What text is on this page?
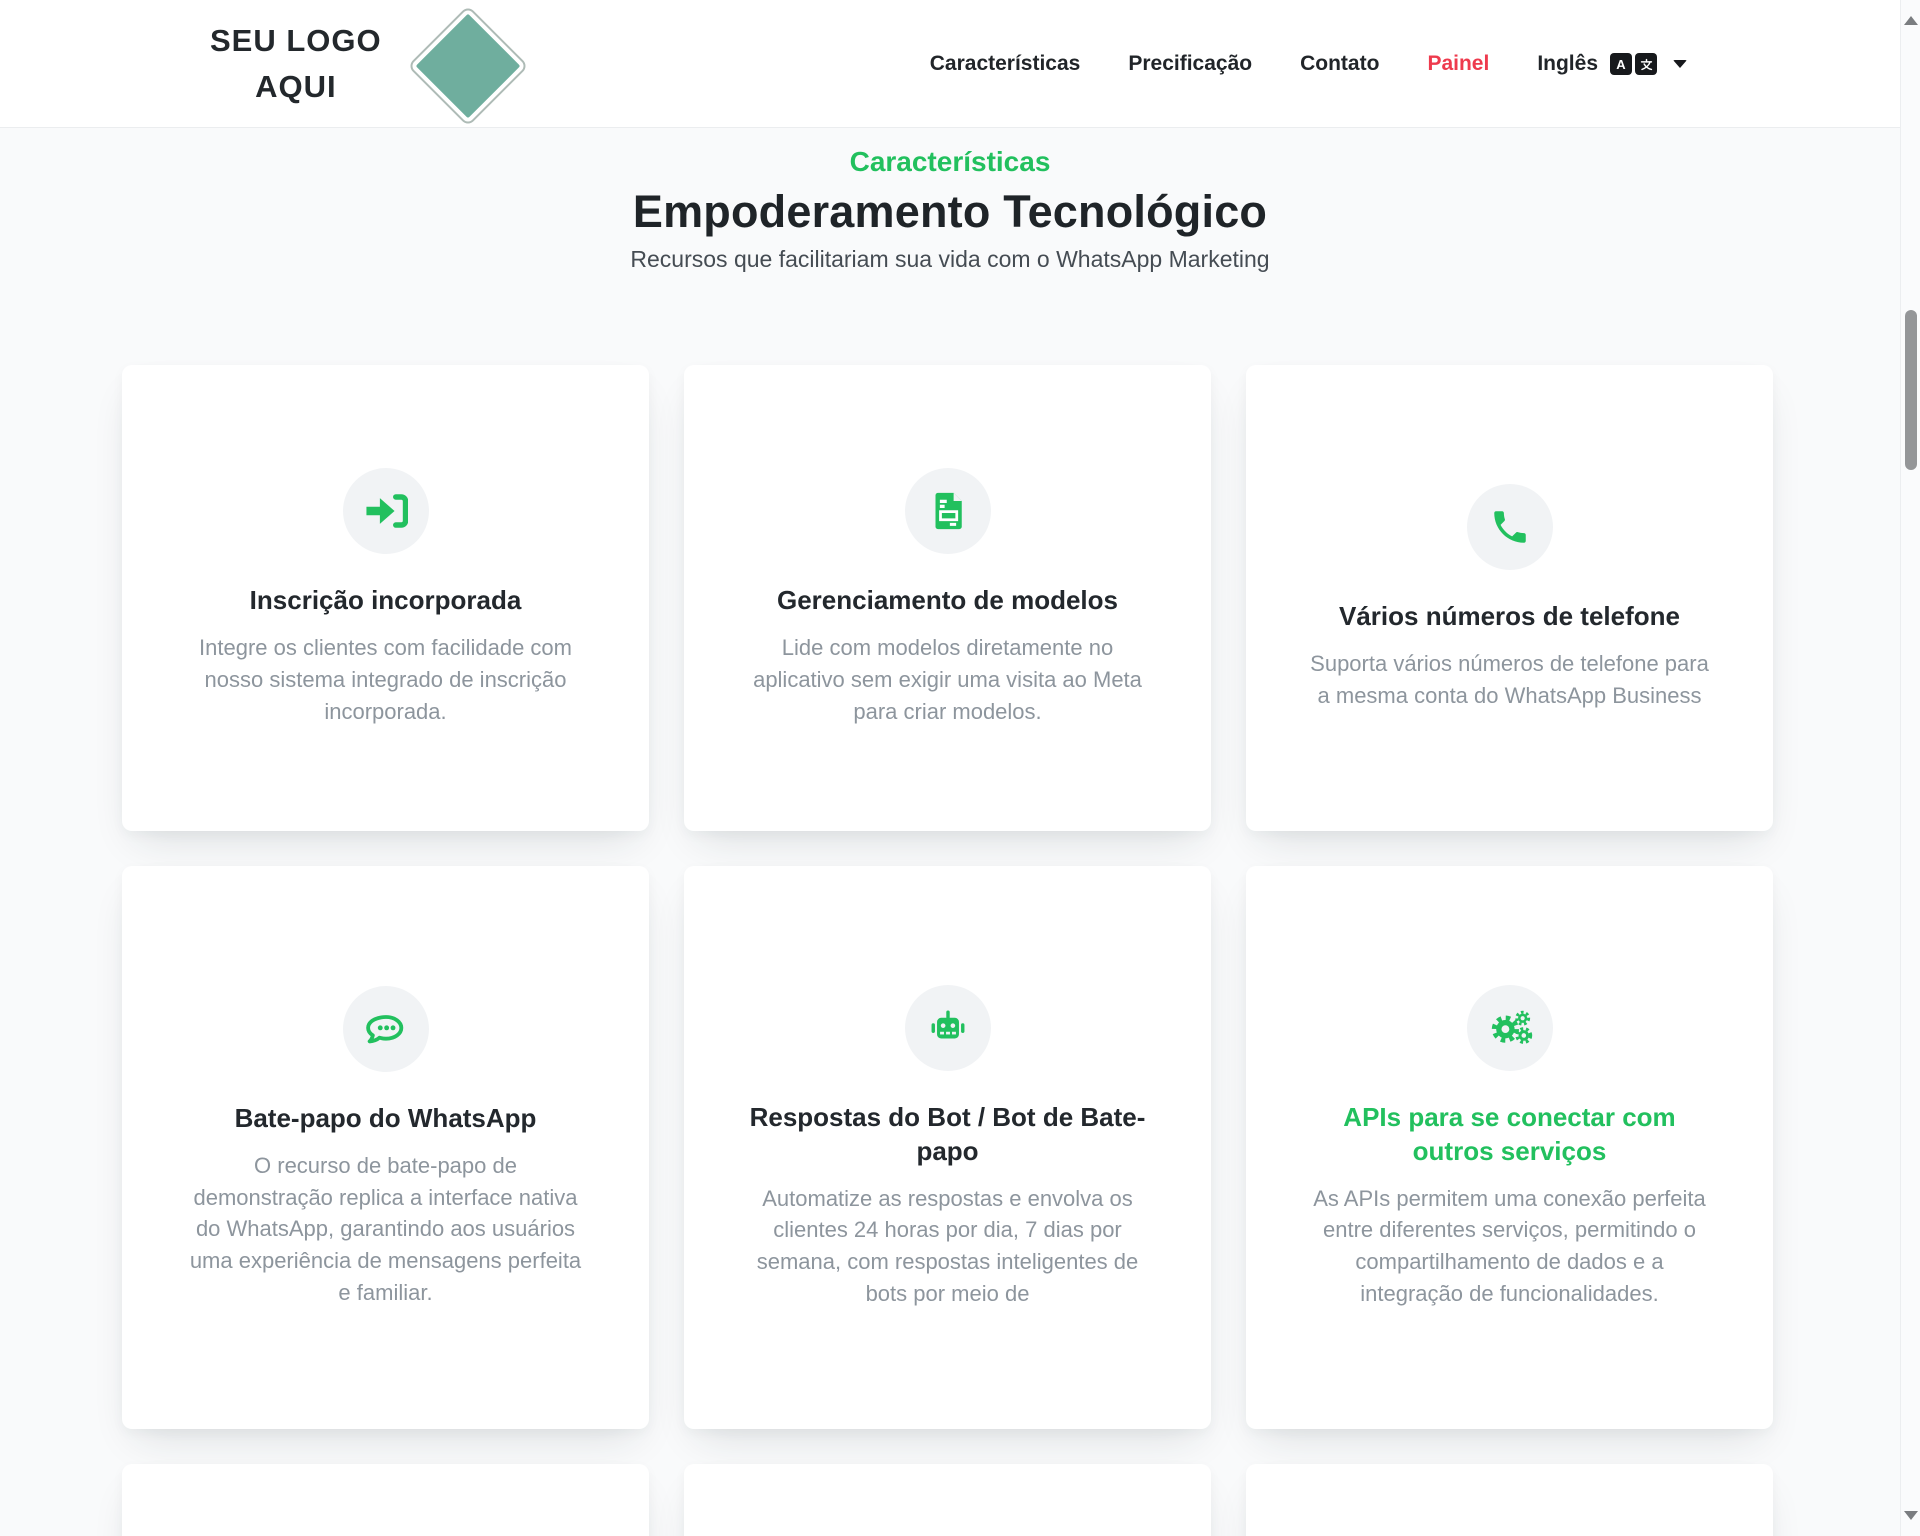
SEU LOGO
AQUI
Características Precificação Contato Painel Inglês	A
Características
Empoderamento Tecnológico
Recursos que facilitariam sua vida com o WhatsApp Marketing
Inscrição incorporada

Integre os clientes com facilidade com nosso sistema integrado de inscrição incorporada.

Gerenciamento de modelos

Lide com modelos diretamente no aplicativo sem exigir uma visita ao Meta para criar modelos.

Vários números de telefone

Suporta vários números de telefone para a mesma conta do WhatsApp Business

Bate-papo do WhatsApp

O recurso de bate-papo de demonstração replica a interface nativa do WhatsApp, garantindo aos usuários uma experiência de mensagens perfeita e familiar.

Respostas do Bot / Bot de Bate-papo

Automatize as respostas e envolva os clientes 24 horas por dia, 7 dias por semana, com respostas inteligentes de bots por meio de

APIs para se conectar com outros serviços

As APIs permitem uma conexão perfeita entre diferentes serviços, permitindo o compartilhamento de dados e a integração de funcionalidades.
